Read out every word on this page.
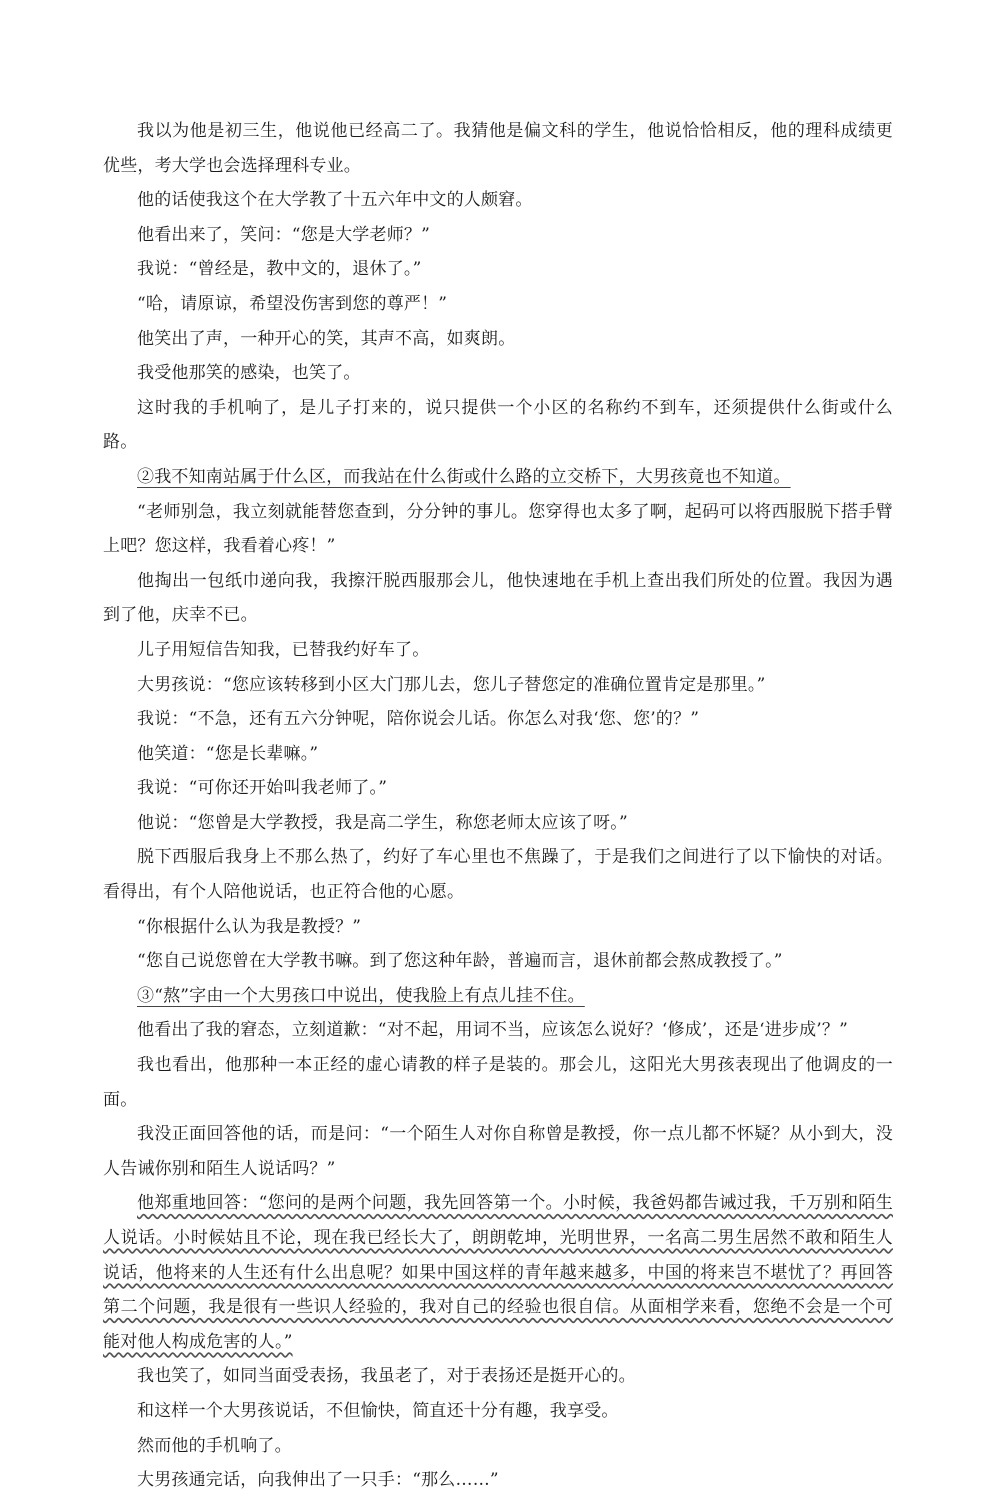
我以为他是初三生，他说他已经高二了。我猜他是偏文科的学生，他说恰恰相反，他的理科成绩更优些，考大学也会选择理科专业。

他的话使我这个在大学教了十五六年中文的人颇窘。

他看出来了，笑问：“您是大学老师？”

我说：“曾经是，教中文的，退休了。”

“哈，请原谅，希望没伤害到您的尊严！”

他笑出了声，一种开心的笑，其声不高，如爽朗。

我受他那笑的感染，也笑了。

这时我的手机响了，是儿子打来的，说只提供一个小区的名称约不到车，还须提供什么街或什么路。

②我不知南站属于什么区，而我站在什么街或什么路的立交桥下，大男孩竟也不知道。

“老师别急，我立刻就能替您查到，分分钟的事儿。您穿得也太多了啊，起码可以将西服脱下搭手臂上吧？您这样，我看着心疼！”

他掏出一包纸巾递向我，我擦汗脱西服那会儿，他快速地在手机上查出我们所处的位置。我因为遇到了他，庆幸不已。

儿子用短信告知我，已替我约好车了。

大男孩说：“您应该转移到小区大门那儿去，您儿子替您定的准确位置肯定是那里。”

我说：“不急，还有五六分钟呢，陪你说会儿话。你怎么对我‘您、您’的？”

他笑道：“您是长辈嘛。”

我说：“可你还开始叫我老师了。”

他说：“您曾是大学教授，我是高二学生，称您老师太应该了呀。”

脱下西服后我身上不那么热了，约好了车心里也不焦躁了，于是我们之间进行了以下愉快的对话。看得出，有个人陪他说话，也正符合他的心愿。

“你根据什么认为我是教授？”

“您自己说您曾在大学教书嘛。到了您这种年龄，普遍而言，退休前都会熬成教授了。”

③“熬”字由一个大男孩口中说出，使我脸上有点儿挂不住。

他看出了我的窘态，立刻道歉：“对不起，用词不当，应该怎么说好？‘修成’，还是‘进步成’？”

我也看出，他那种一本正经的虚心请教的样子是装的。那会儿，这阳光大男孩表现出了他调皮的一面。

我没正面回答他的话，而是问：“一个陌生人对你自称曾是教授，你一点儿都不怀疑？从小到大，没人告诫你别和陌生人说话吗？”

他郑重地回答：“您问的是两个问题，我先回答第一个。小时候，我爸妈都告诫过我，千万别和陌生人说话。小时候姑且不论，现在我已经长大了，朗朗乾坤，光明世界，一名高二男生居然不敢和陌生人说话，他将来的人生还有什么出息呢？如果中国这样的青年越来越多，中国的将来岂不堪忧了？再回答第二个问题，我是很有一些识人经验的，我对自己的经验也很自信。从面相学来看，您绝不会是一个可能对他人构成危害的人。”

我也笑了，如同当面受表扬，我虽老了，对于表扬还是挺开心的。

和这样一个大男孩说话，不但愉快，简直还十分有趣，我享受。

然而他的手机响了。

大男孩通完话，向我伸出了一只手：“那么……”
